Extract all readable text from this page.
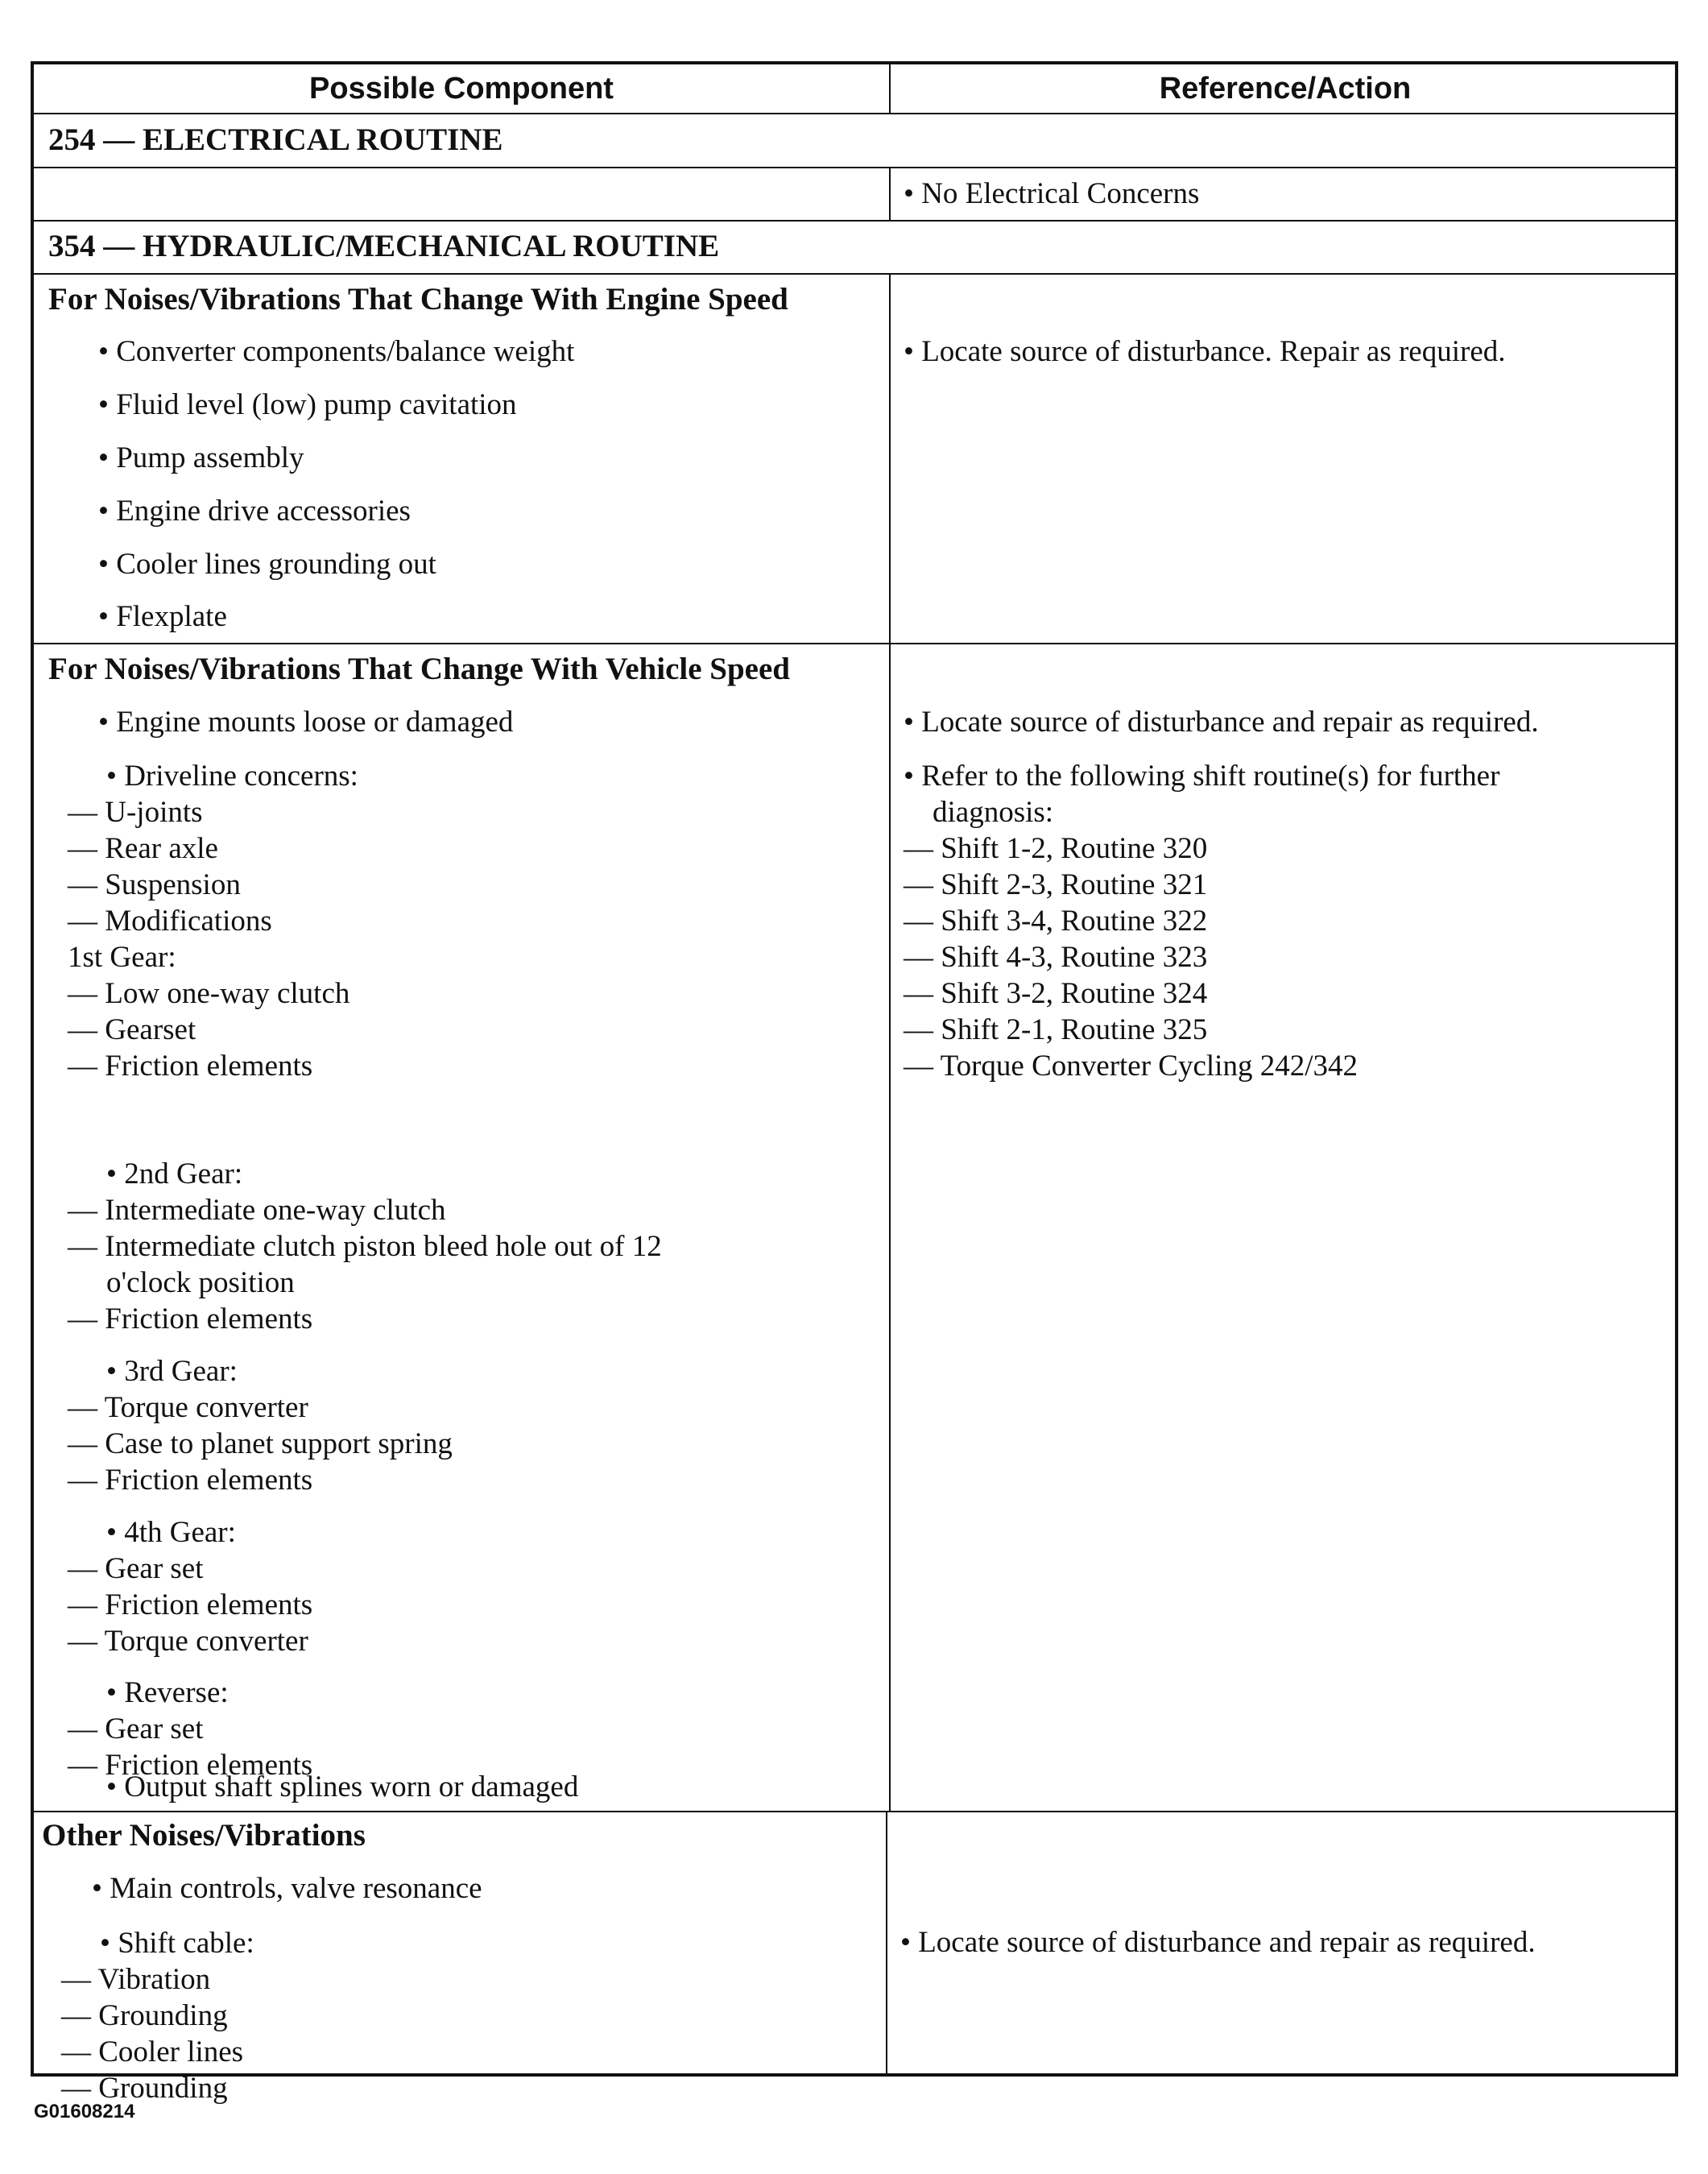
Possible Component	Reference/Action
254 — ELECTRICAL ROUTINE
• No Electrical Concerns
354 — HYDRAULIC/MECHANICAL ROUTINE
For Noises/Vibrations That Change With Engine Speed
• Converter components/balance weight
• Fluid level (low) pump cavitation
• Pump assembly
• Engine drive accessories
• Cooler lines grounding out
• Flexplate
• Locate source of disturbance. Repair as required.
For Noises/Vibrations That Change With Vehicle Speed
• Engine mounts loose or damaged	• Locate source of disturbance and repair as required.
• Driveline concerns:
— U-joints
— Rear axle
— Suspension
— Modifications
1st Gear:
— Low one-way clutch
— Gearset
— Friction elements
• 2nd Gear:
— Intermediate one-way clutch
— Intermediate clutch piston bleed hole out of 12
o'clock position
— Friction elements
• 3rd Gear:
— Torque converter
— Case to planet support spring
— Friction elements
• 4th Gear:
— Gear set
— Friction elements
— Torque converter
• Reverse:
— Gear set
— Friction elements
• Output shaft splines worn or damaged
• Refer to the following shift routine(s) for further
diagnosis:
— Shift 1-2, Routine 320
— Shift 2-3, Routine 321
— Shift 3-4, Routine 322
— Shift 4-3, Routine 323
— Shift 3-2, Routine 324
— Shift 2-1, Routine 325
— Torque Converter Cycling 242/342
Other Noises/Vibrations
• Main controls, valve resonance
• Shift cable:
— Vibration
— Grounding
— Cooler lines
— Grounding
• Locate source of disturbance and repair as required.
G01608214
